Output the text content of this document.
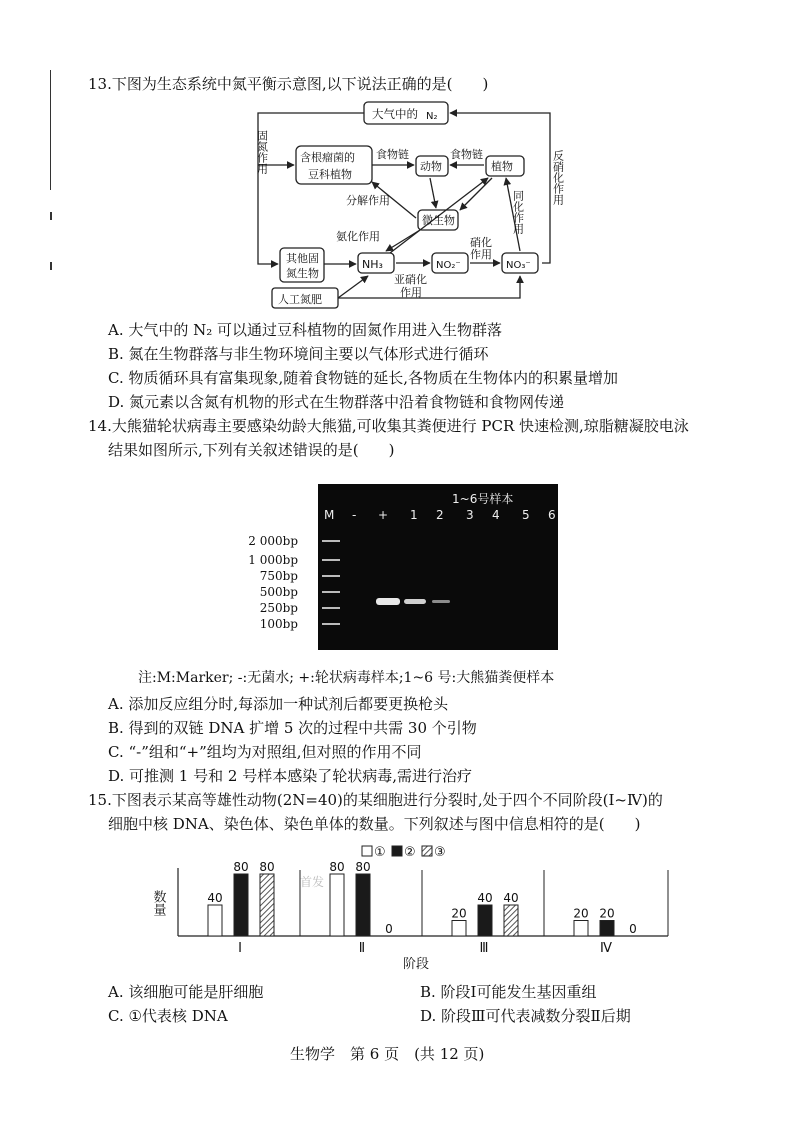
13.下图为生态系统中氮平衡示意图,以下说法正确的是(　　)
大气中的 N₂
固氮作用	含根瘤菌的
豆科植物
食物链
动物
食物链
植物
分解作用
微生物	同化作用
反硝化作用
氨化作用	硝化
作用
其他固
氮生物
NH₃	NO₂⁻	NO₃⁻
亚硝化
作用
人工氮肥
A. 大气中的 N₂ 可以通过豆科植物的固氮作用进入生物群落
B. 氮在生物群落与非生物环境间主要以气体形式进行循环
C. 物质循环具有富集现象,随着食物链的延长,各物质在生物体内的积累量增加
D. 氮元素以含氮有机物的形式在生物群落中沿着食物链和食物网传递
14.大熊猫轮状病毒主要感染幼龄大熊猫,可收集其粪便进行 PCR 快速检测,琼脂糖凝胶电泳
结果如图所示,下列有关叙述错误的是(　　)
2 000bp
1 000bp
750bp
500bp
250bp
100bp
1~6号样本
M - + 1 2 3 4 5 6
注:M:Marker; -:无菌水; +:轮状病毒样本;1~6 号:大熊猫粪便样本
A. 添加反应组分时,每添加一种试剂后都要更换枪头
B. 得到的双链 DNA 扩增 5 次的过程中共需 30 个引物
C. “-”组和“+”组均为对照组,但对照的作用不同
D. 可推测 1 号和 2 号样本感染了轮状病毒,需进行治疗
15.下图表示某高等雄性动物(2N=40)的某细胞进行分裂时,处于四个不同阶段(Ⅰ~Ⅳ)的
细胞中核 DNA、染色体、染色单体的数量。下列叙述与图中信息相符的是(　　)
① ② ③
首发
数量
阶段
40
80 80
Ⅰ
80 80
0
Ⅱ
20
40 40
Ⅲ
20 20
0
Ⅳ
A. 该细胞可能是肝细胞	B. 阶段Ⅰ可能发生基因重组
C. ①代表核 DNA	D. 阶段Ⅲ可代表减数分裂Ⅱ后期
生物学　第 6 页　(共 12 页)
